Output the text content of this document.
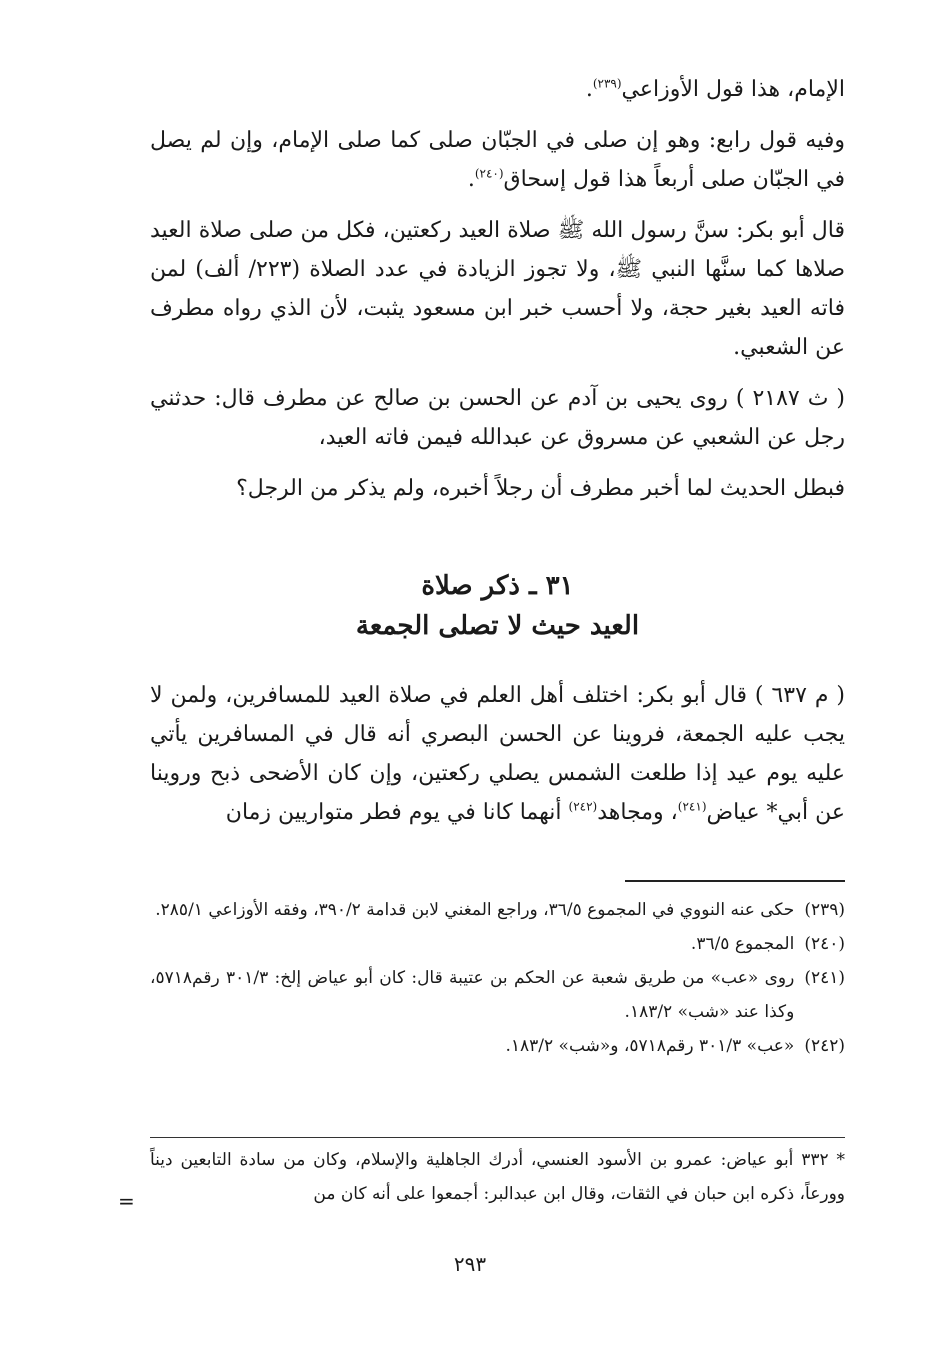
الإمام، هذا قول الأوزاعي$^{(٢٣٩)}$.

وفيه قول رابع: وهو إن صلى في الجبّان صلى كما صلى الإمام، وإن لم يصل في الجبّان صلى أربعاً هذا قول إسحاق$^{(٢٤٠)}$.

قال أبو بكر: سنَّ رسول الله ﷺ صلاة العيد ركعتين، فكل من صلى صلاة العيد صلاها كما سنَّها النبي ﷺ، ولا تجوز الزيادة في عدد الصلاة (٢٢٣/ ألف) لمن فاته العيد بغير حجة، ولا أحسب خبر ابن مسعود يثبت، لأن الذي رواه مطرف عن الشعبي.

( ث ٢١٨٧ ) روى يحيى بن آدم عن الحسن بن صالح عن مطرف قال: حدثني رجل عن الشعبي عن مسروق عن عبدالله فيمن فاته العيد،

فبطل الحديث لما أخبر مطرف أن رجلاً أخبره، ولم يذكر من الرجل؟

٣١ ـ ذكر صلاة
العيد حيث لا تصلى الجمعة

( م ٦٣٧ ) قال أبو بكر: اختلف أهل العلم في صلاة العيد للمسافرين، ولمن لا يجب عليه الجمعة، فروينا عن الحسن البصري أنه قال في المسافرين يأتي عليه يوم عيد إذا طلعت الشمس يصلي ركعتين، وإن كان الأضحى ذبح وروينا عن أبي* عياض$^{(٢٤١)}$، ومجاهد$^{(٢٤٢)}$ أنهما كانا في يوم فطر متواريين زمان

(٢٣٩)
حكى عنه النووي في المجموع ٣٦/٥، وراجع المغني لابن قدامة ٣٩٠/٢، وفقه الأوزاعي ٢٨٥/١.
(٢٤٠)
المجموع ٣٦/٥.
(٢٤١)
روى «عب» من طريق شعبة عن الحكم بن عتيبة قال: كان أبو عياض إلخ: ٣٠١/٣ رقم٥٧١٨، وكذا عند «شب» ١٨٣/٢.
(٢٤٢)
«عب» ٣٠١/٣ رقم٥٧١٨، و«شب» ١٨٣/٢.
* ٣٣٢ أبو عياض: عمرو بن الأسود العنسي، أدرك الجاهلية والإسلام، وكان من سادة التابعين ديناً وورعاً، ذكره ابن حبان في الثقات، وقال ابن عبدالبر: أجمعوا على أنه كان من
=
٢٩٣
